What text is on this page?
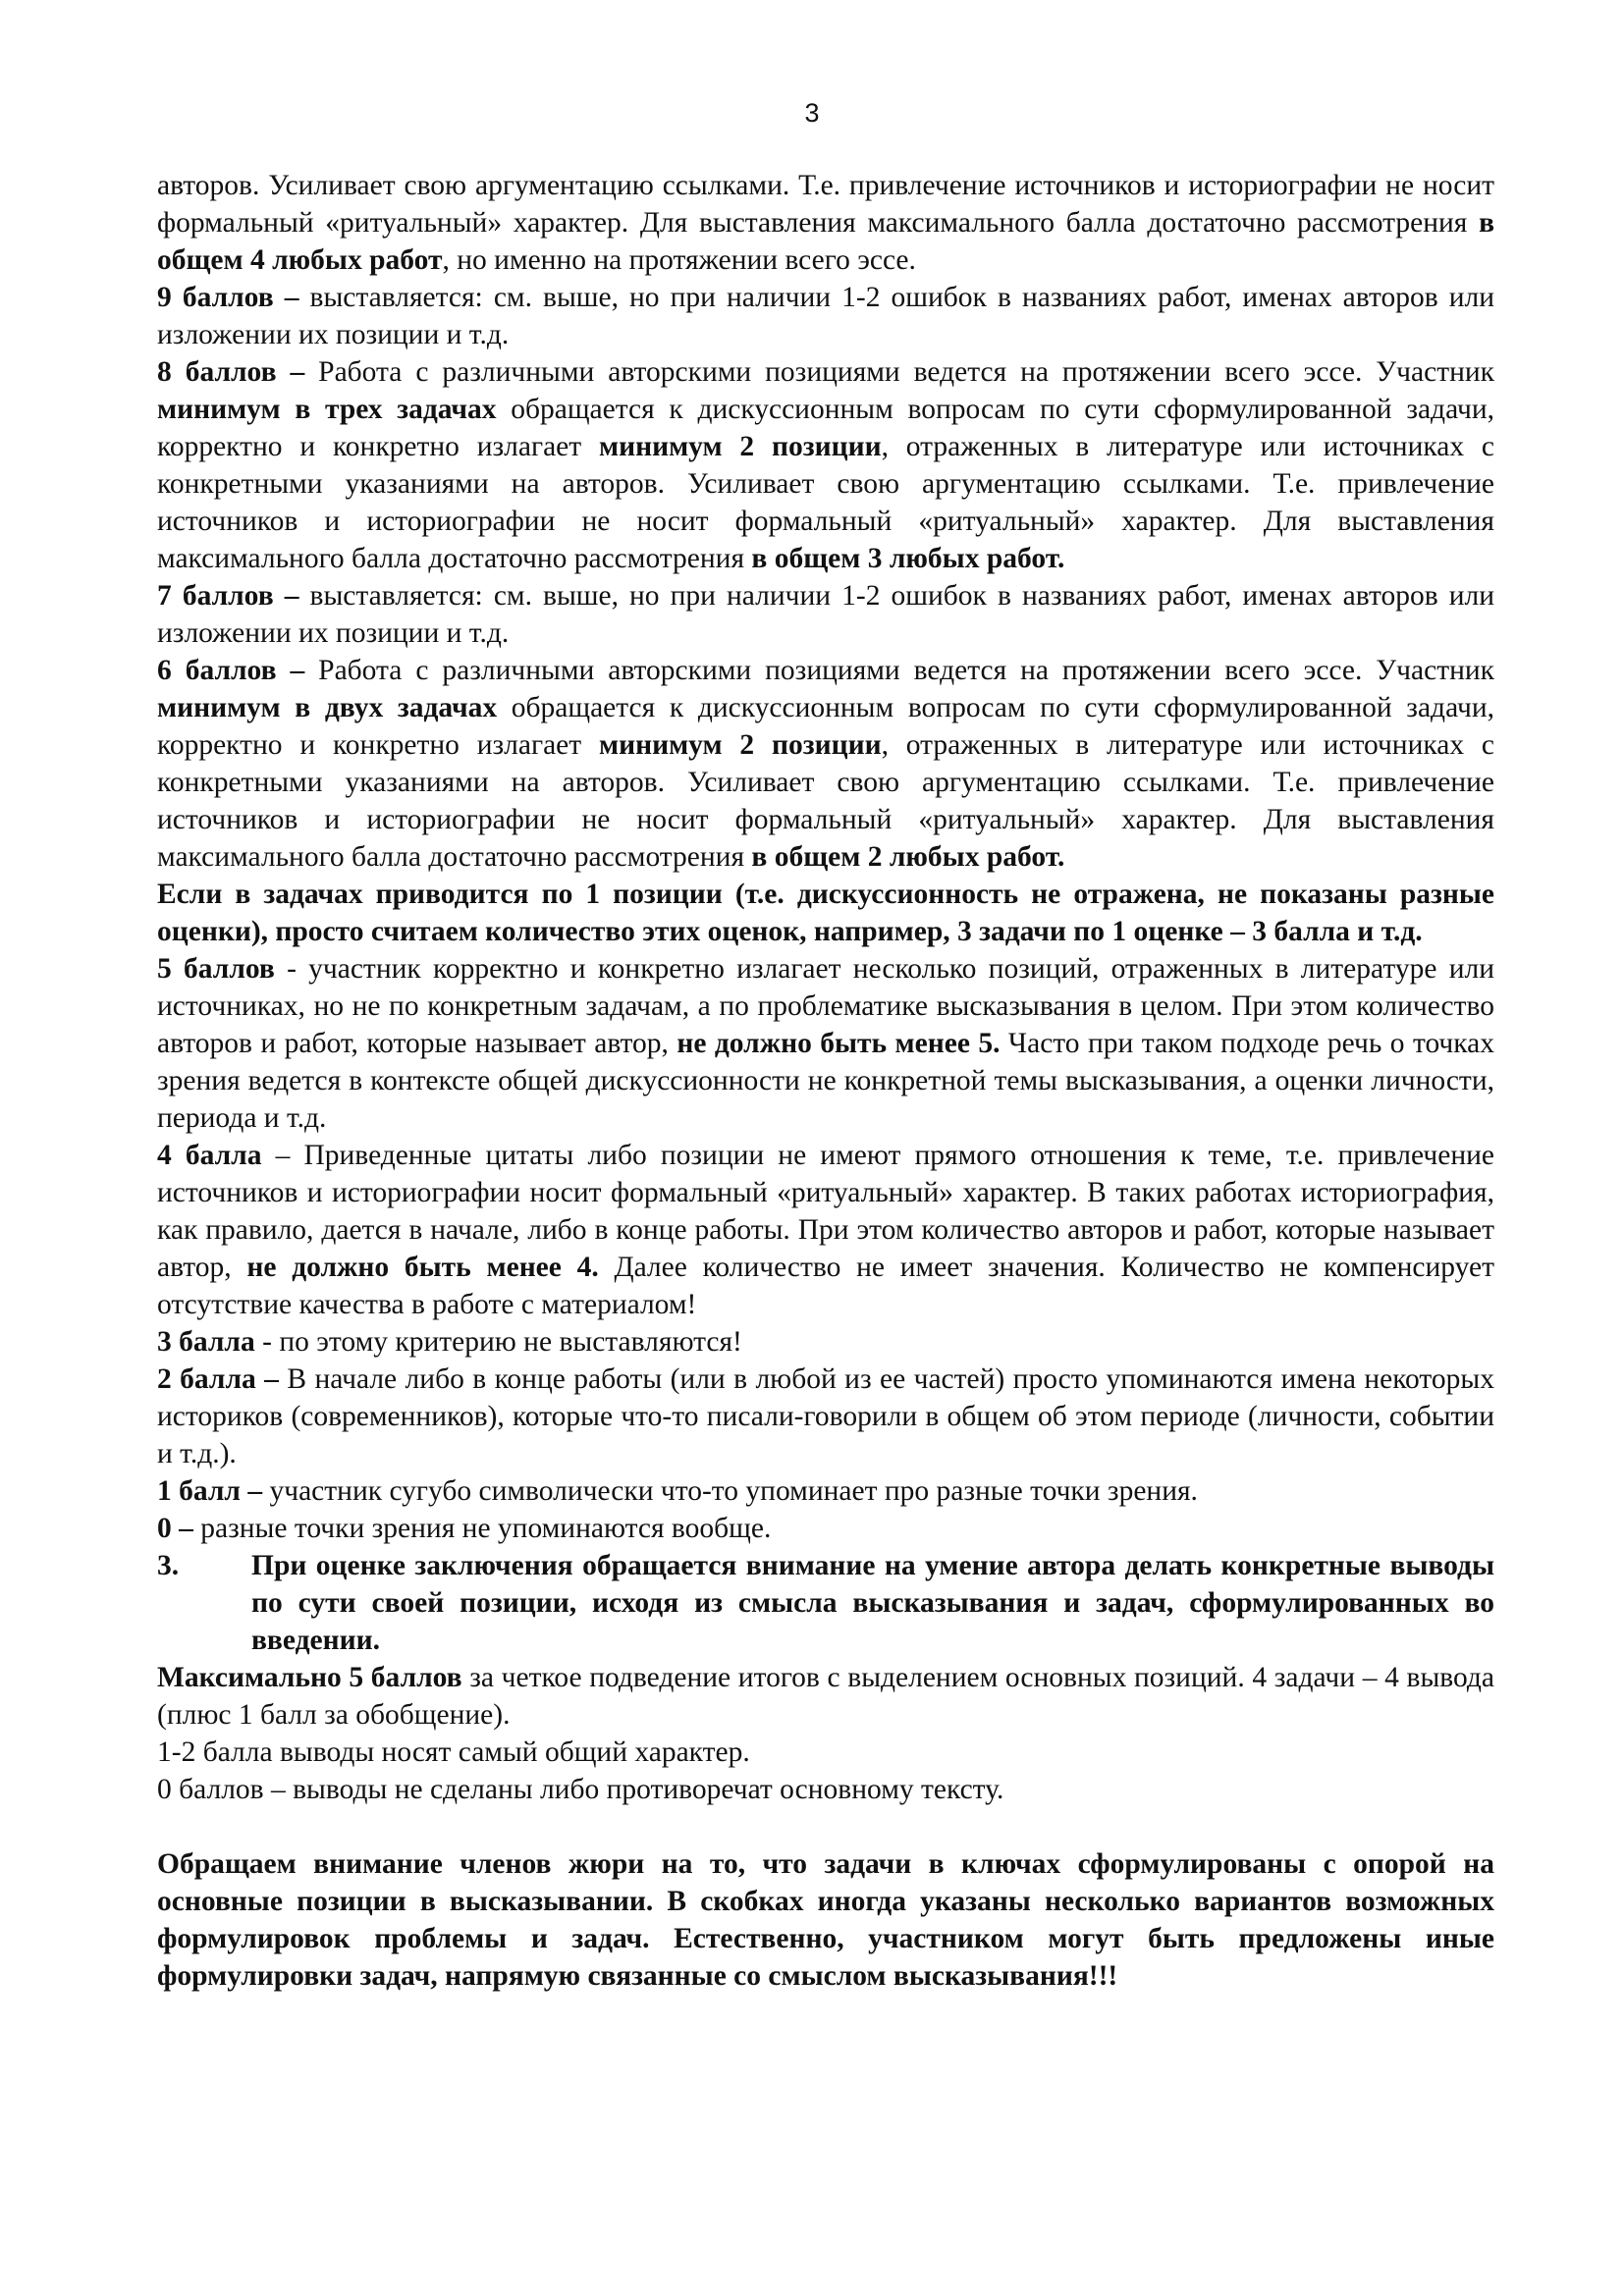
3

авторов. Усиливает свою аргументацию ссылками. Т.е. привлечение источников и историографии не носит формальный «ритуальный» характер. Для выставления максимального балла достаточно рассмотрения в общем 4 любых работ, но именно на протяжении всего эссе.

9 баллов – выставляется: см. выше, но при наличии 1-2 ошибок в названиях работ, именах авторов или изложении их позиции и т.д.

8 баллов – Работа с различными авторскими позициями ведется на протяжении всего эссе. Участник минимум в трех задачах обращается к дискуссионным вопросам по сути сформулированной задачи, корректно и конкретно излагает минимум 2 позиции, отраженных в литературе или источниках с конкретными указаниями на авторов. Усиливает свою аргументацию ссылками. Т.е. привлечение источников и историографии не носит формальный «ритуальный» характер. Для выставления максимального балла достаточно рассмотрения в общем 3 любых работ.

7 баллов – выставляется: см. выше, но при наличии 1-2 ошибок в названиях работ, именах авторов или изложении их позиции и т.д.

6 баллов – Работа с различными авторскими позициями ведется на протяжении всего эссе. Участник минимум в двух задачах обращается к дискуссионным вопросам по сути сформулированной задачи, корректно и конкретно излагает минимум 2 позиции, отраженных в литературе или источниках с конкретными указаниями на авторов. Усиливает свою аргументацию ссылками. Т.е. привлечение источников и историографии не носит формальный «ритуальный» характер. Для выставления максимального балла достаточно рассмотрения в общем 2 любых работ.

Если в задачах приводится по 1 позиции (т.е. дискуссионность не отражена, не показаны разные оценки), просто считаем количество этих оценок, например, 3 задачи по 1 оценке – 3 балла и т.д.

5 баллов - участник корректно и конкретно излагает несколько позиций, отраженных в литературе или источниках, но не по конкретным задачам, а по проблематике высказывания в целом. При этом количество авторов и работ, которые называет автор, не должно быть менее 5. Часто при таком подходе речь о точках зрения ведется в контексте общей дискуссионности не конкретной темы высказывания, а оценки личности, периода и т.д.

4 балла – Приведенные цитаты либо позиции не имеют прямого отношения к теме, т.е. привлечение источников и историографии носит формальный «ритуальный» характер. В таких работах историография, как правило, дается в начале, либо в конце работы. При этом количество авторов и работ, которые называет автор, не должно быть менее 4. Далее количество не имеет значения. Количество не компенсирует отсутствие качества в работе с материалом!

3 балла - по этому критерию не выставляются!

2 балла – В начале либо в конце работы (или в любой из ее частей) просто упоминаются имена некоторых историков (современников), которые что-то писали-говорили в общем об этом периоде (личности, событии и т.д.).

1 балл – участник сугубо символически что-то упоминает про разные точки зрения.

0 – разные точки зрения не упоминаются вообще.

3.	При оценке заключения обращается внимание на умение автора делать конкретные выводы по сути своей позиции, исходя из смысла высказывания и задач, сформулированных во введении.

Максимально 5 баллов за четкое подведение итогов с выделением основных позиций. 4 задачи – 4 вывода (плюс 1 балл за обобщение).

1-2 балла выводы носят самый общий характер.

0 баллов – выводы не сделаны либо противоречат основному тексту.

Обращаем внимание членов жюри на то, что задачи в ключах сформулированы с опорой на основные позиции в высказывании. В скобках иногда указаны несколько вариантов возможных формулировок проблемы и задач. Естественно, участником могут быть предложены иные формулировки задач, напрямую связанные со смыслом высказывания!!!
